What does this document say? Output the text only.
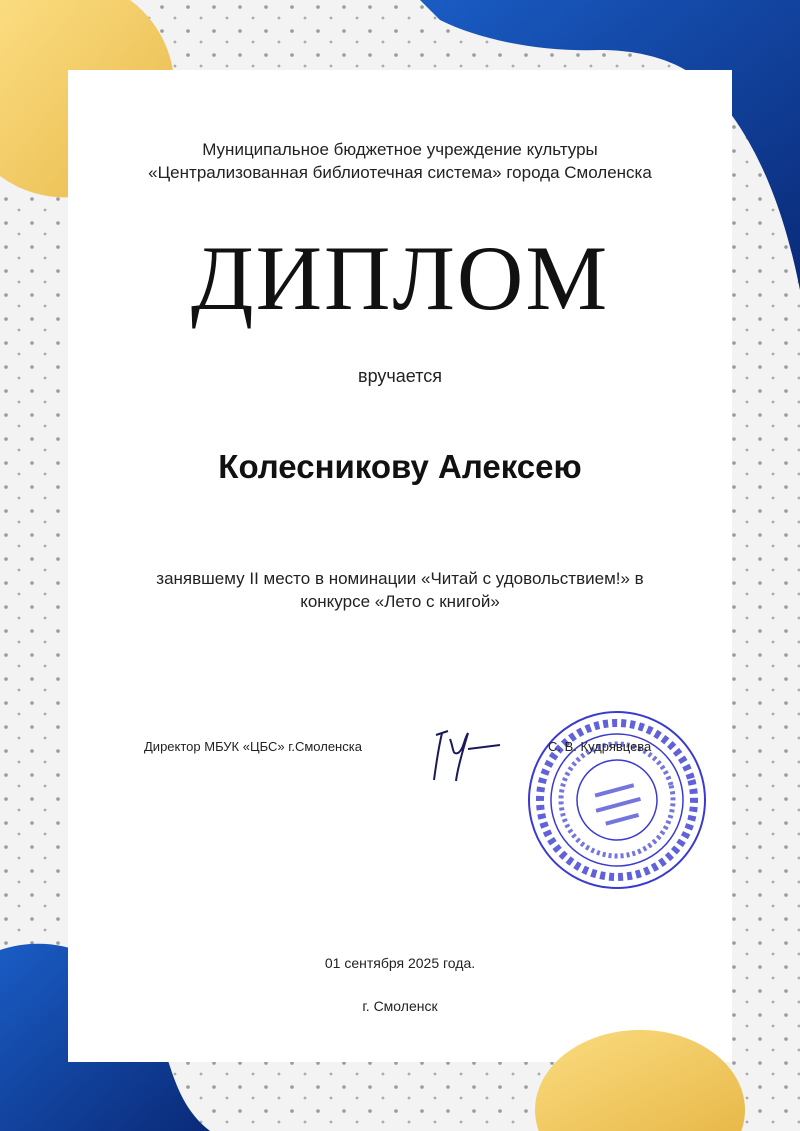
Муниципальное бюджетное учреждение культуры
«Централизованная библиотечная система» города Смоленска
ДИПЛОМ
вручается
Колесникову Алексею
занявшему II место в номинации «Читай с удовольствием!» в
конкурсе «Лето с книгой»
Директор МБУК «ЦБС» г.Смоленска	С. В. Кудрявцева
01 сентября 2025 года.
г. Смоленск
